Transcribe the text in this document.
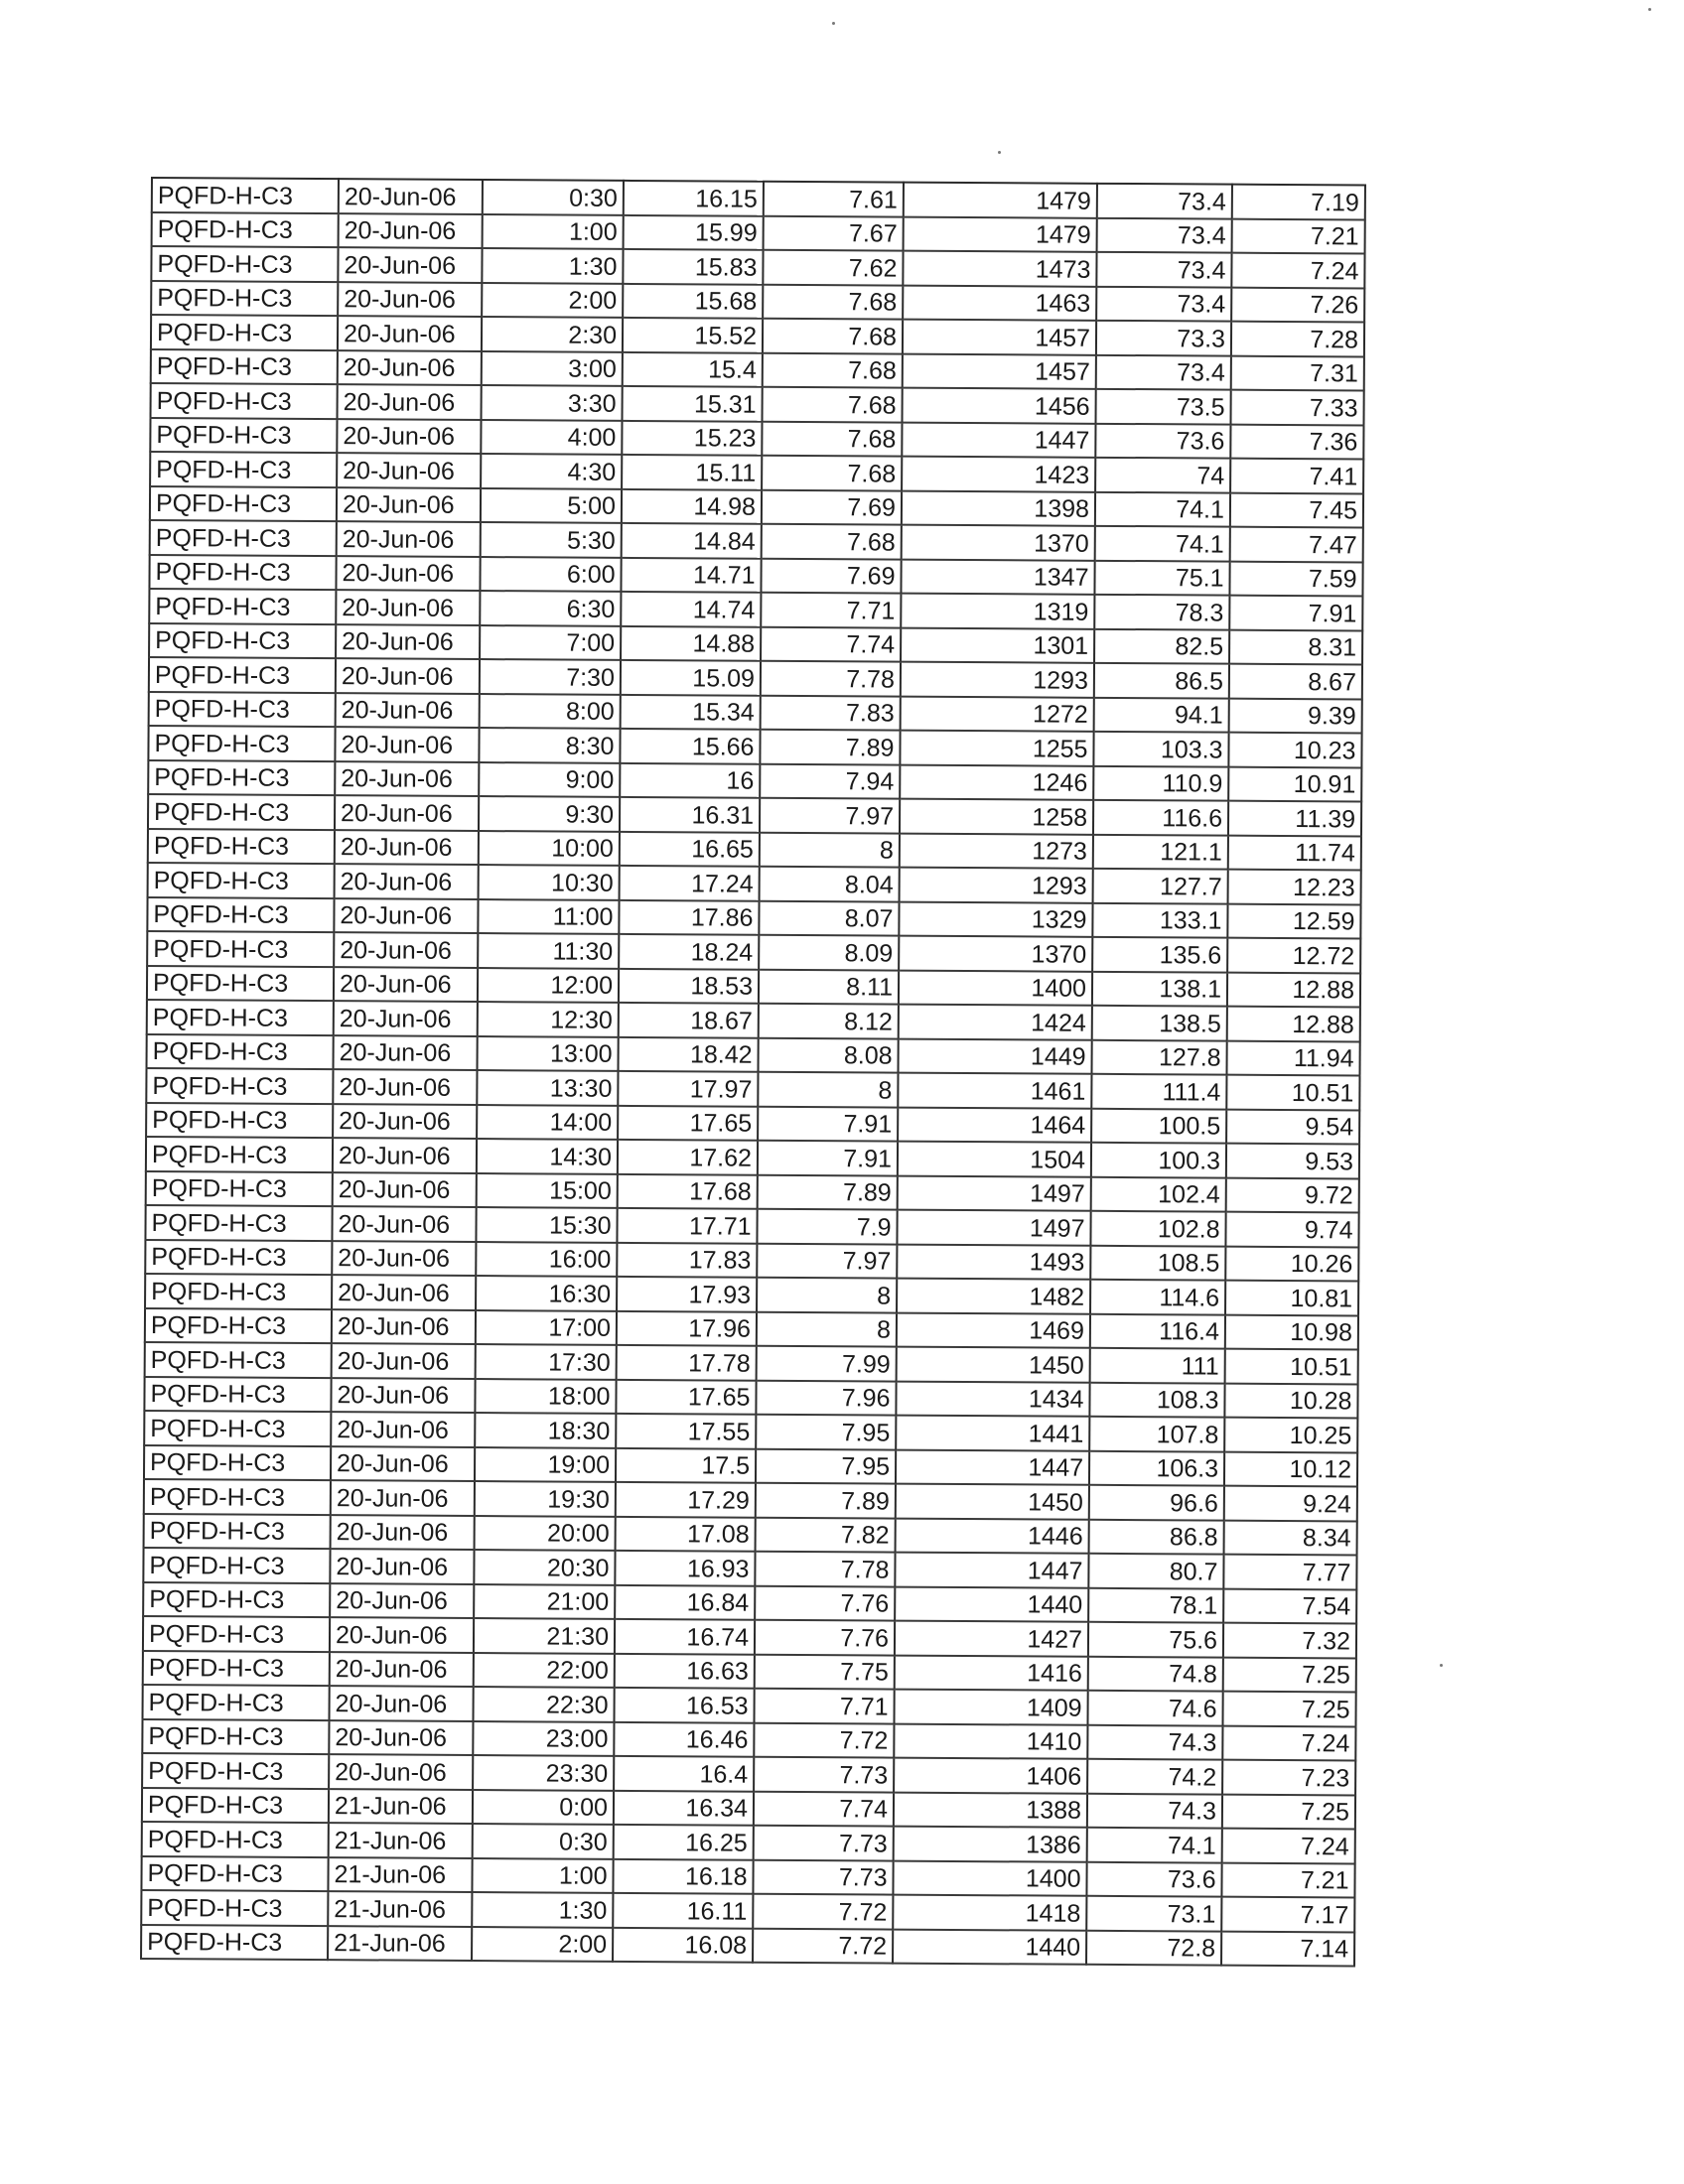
PQFD-H-C3	20-Jun-06	0:30	16.15	7.61	1479	73.4	7.19
PQFD-H-C3	20-Jun-06	1:00	15.99	7.67	1479	73.4	7.21
PQFD-H-C3	20-Jun-06	1:30	15.83	7.62	1473	73.4	7.24
PQFD-H-C3	20-Jun-06	2:00	15.68	7.68	1463	73.4	7.26
PQFD-H-C3	20-Jun-06	2:30	15.52	7.68	1457	73.3	7.28
PQFD-H-C3	20-Jun-06	3:00	15.4	7.68	1457	73.4	7.31
PQFD-H-C3	20-Jun-06	3:30	15.31	7.68	1456	73.5	7.33
PQFD-H-C3	20-Jun-06	4:00	15.23	7.68	1447	73.6	7.36
PQFD-H-C3	20-Jun-06	4:30	15.11	7.68	1423	74	7.41
PQFD-H-C3	20-Jun-06	5:00	14.98	7.69	1398	74.1	7.45
PQFD-H-C3	20-Jun-06	5:30	14.84	7.68	1370	74.1	7.47
PQFD-H-C3	20-Jun-06	6:00	14.71	7.69	1347	75.1	7.59
PQFD-H-C3	20-Jun-06	6:30	14.74	7.71	1319	78.3	7.91
PQFD-H-C3	20-Jun-06	7:00	14.88	7.74	1301	82.5	8.31
PQFD-H-C3	20-Jun-06	7:30	15.09	7.78	1293	86.5	8.67
PQFD-H-C3	20-Jun-06	8:00	15.34	7.83	1272	94.1	9.39
PQFD-H-C3	20-Jun-06	8:30	15.66	7.89	1255	103.3	10.23
PQFD-H-C3	20-Jun-06	9:00	16	7.94	1246	110.9	10.91
PQFD-H-C3	20-Jun-06	9:30	16.31	7.97	1258	116.6	11.39
PQFD-H-C3	20-Jun-06	10:00	16.65	8	1273	121.1	11.74
PQFD-H-C3	20-Jun-06	10:30	17.24	8.04	1293	127.7	12.23
PQFD-H-C3	20-Jun-06	11:00	17.86	8.07	1329	133.1	12.59
PQFD-H-C3	20-Jun-06	11:30	18.24	8.09	1370	135.6	12.72
PQFD-H-C3	20-Jun-06	12:00	18.53	8.11	1400	138.1	12.88
PQFD-H-C3	20-Jun-06	12:30	18.67	8.12	1424	138.5	12.88
PQFD-H-C3	20-Jun-06	13:00	18.42	8.08	1449	127.8	11.94
PQFD-H-C3	20-Jun-06	13:30	17.97	8	1461	111.4	10.51
PQFD-H-C3	20-Jun-06	14:00	17.65	7.91	1464	100.5	9.54
PQFD-H-C3	20-Jun-06	14:30	17.62	7.91	1504	100.3	9.53
PQFD-H-C3	20-Jun-06	15:00	17.68	7.89	1497	102.4	9.72
PQFD-H-C3	20-Jun-06	15:30	17.71	7.9	1497	102.8	9.74
PQFD-H-C3	20-Jun-06	16:00	17.83	7.97	1493	108.5	10.26
PQFD-H-C3	20-Jun-06	16:30	17.93	8	1482	114.6	10.81
PQFD-H-C3	20-Jun-06	17:00	17.96	8	1469	116.4	10.98
PQFD-H-C3	20-Jun-06	17:30	17.78	7.99	1450	111	10.51
PQFD-H-C3	20-Jun-06	18:00	17.65	7.96	1434	108.3	10.28
PQFD-H-C3	20-Jun-06	18:30	17.55	7.95	1441	107.8	10.25
PQFD-H-C3	20-Jun-06	19:00	17.5	7.95	1447	106.3	10.12
PQFD-H-C3	20-Jun-06	19:30	17.29	7.89	1450	96.6	9.24
PQFD-H-C3	20-Jun-06	20:00	17.08	7.82	1446	86.8	8.34
PQFD-H-C3	20-Jun-06	20:30	16.93	7.78	1447	80.7	7.77
PQFD-H-C3	20-Jun-06	21:00	16.84	7.76	1440	78.1	7.54
PQFD-H-C3	20-Jun-06	21:30	16.74	7.76	1427	75.6	7.32
PQFD-H-C3	20-Jun-06	22:00	16.63	7.75	1416	74.8	7.25
PQFD-H-C3	20-Jun-06	22:30	16.53	7.71	1409	74.6	7.25
PQFD-H-C3	20-Jun-06	23:00	16.46	7.72	1410	74.3	7.24
PQFD-H-C3	20-Jun-06	23:30	16.4	7.73	1406	74.2	7.23
PQFD-H-C3	21-Jun-06	0:00	16.34	7.74	1388	74.3	7.25
PQFD-H-C3	21-Jun-06	0:30	16.25	7.73	1386	74.1	7.24
PQFD-H-C3	21-Jun-06	1:00	16.18	7.73	1400	73.6	7.21
PQFD-H-C3	21-Jun-06	1:30	16.11	7.72	1418	73.1	7.17
PQFD-H-C3	21-Jun-06	2:00	16.08	7.72	1440	72.8	7.14
